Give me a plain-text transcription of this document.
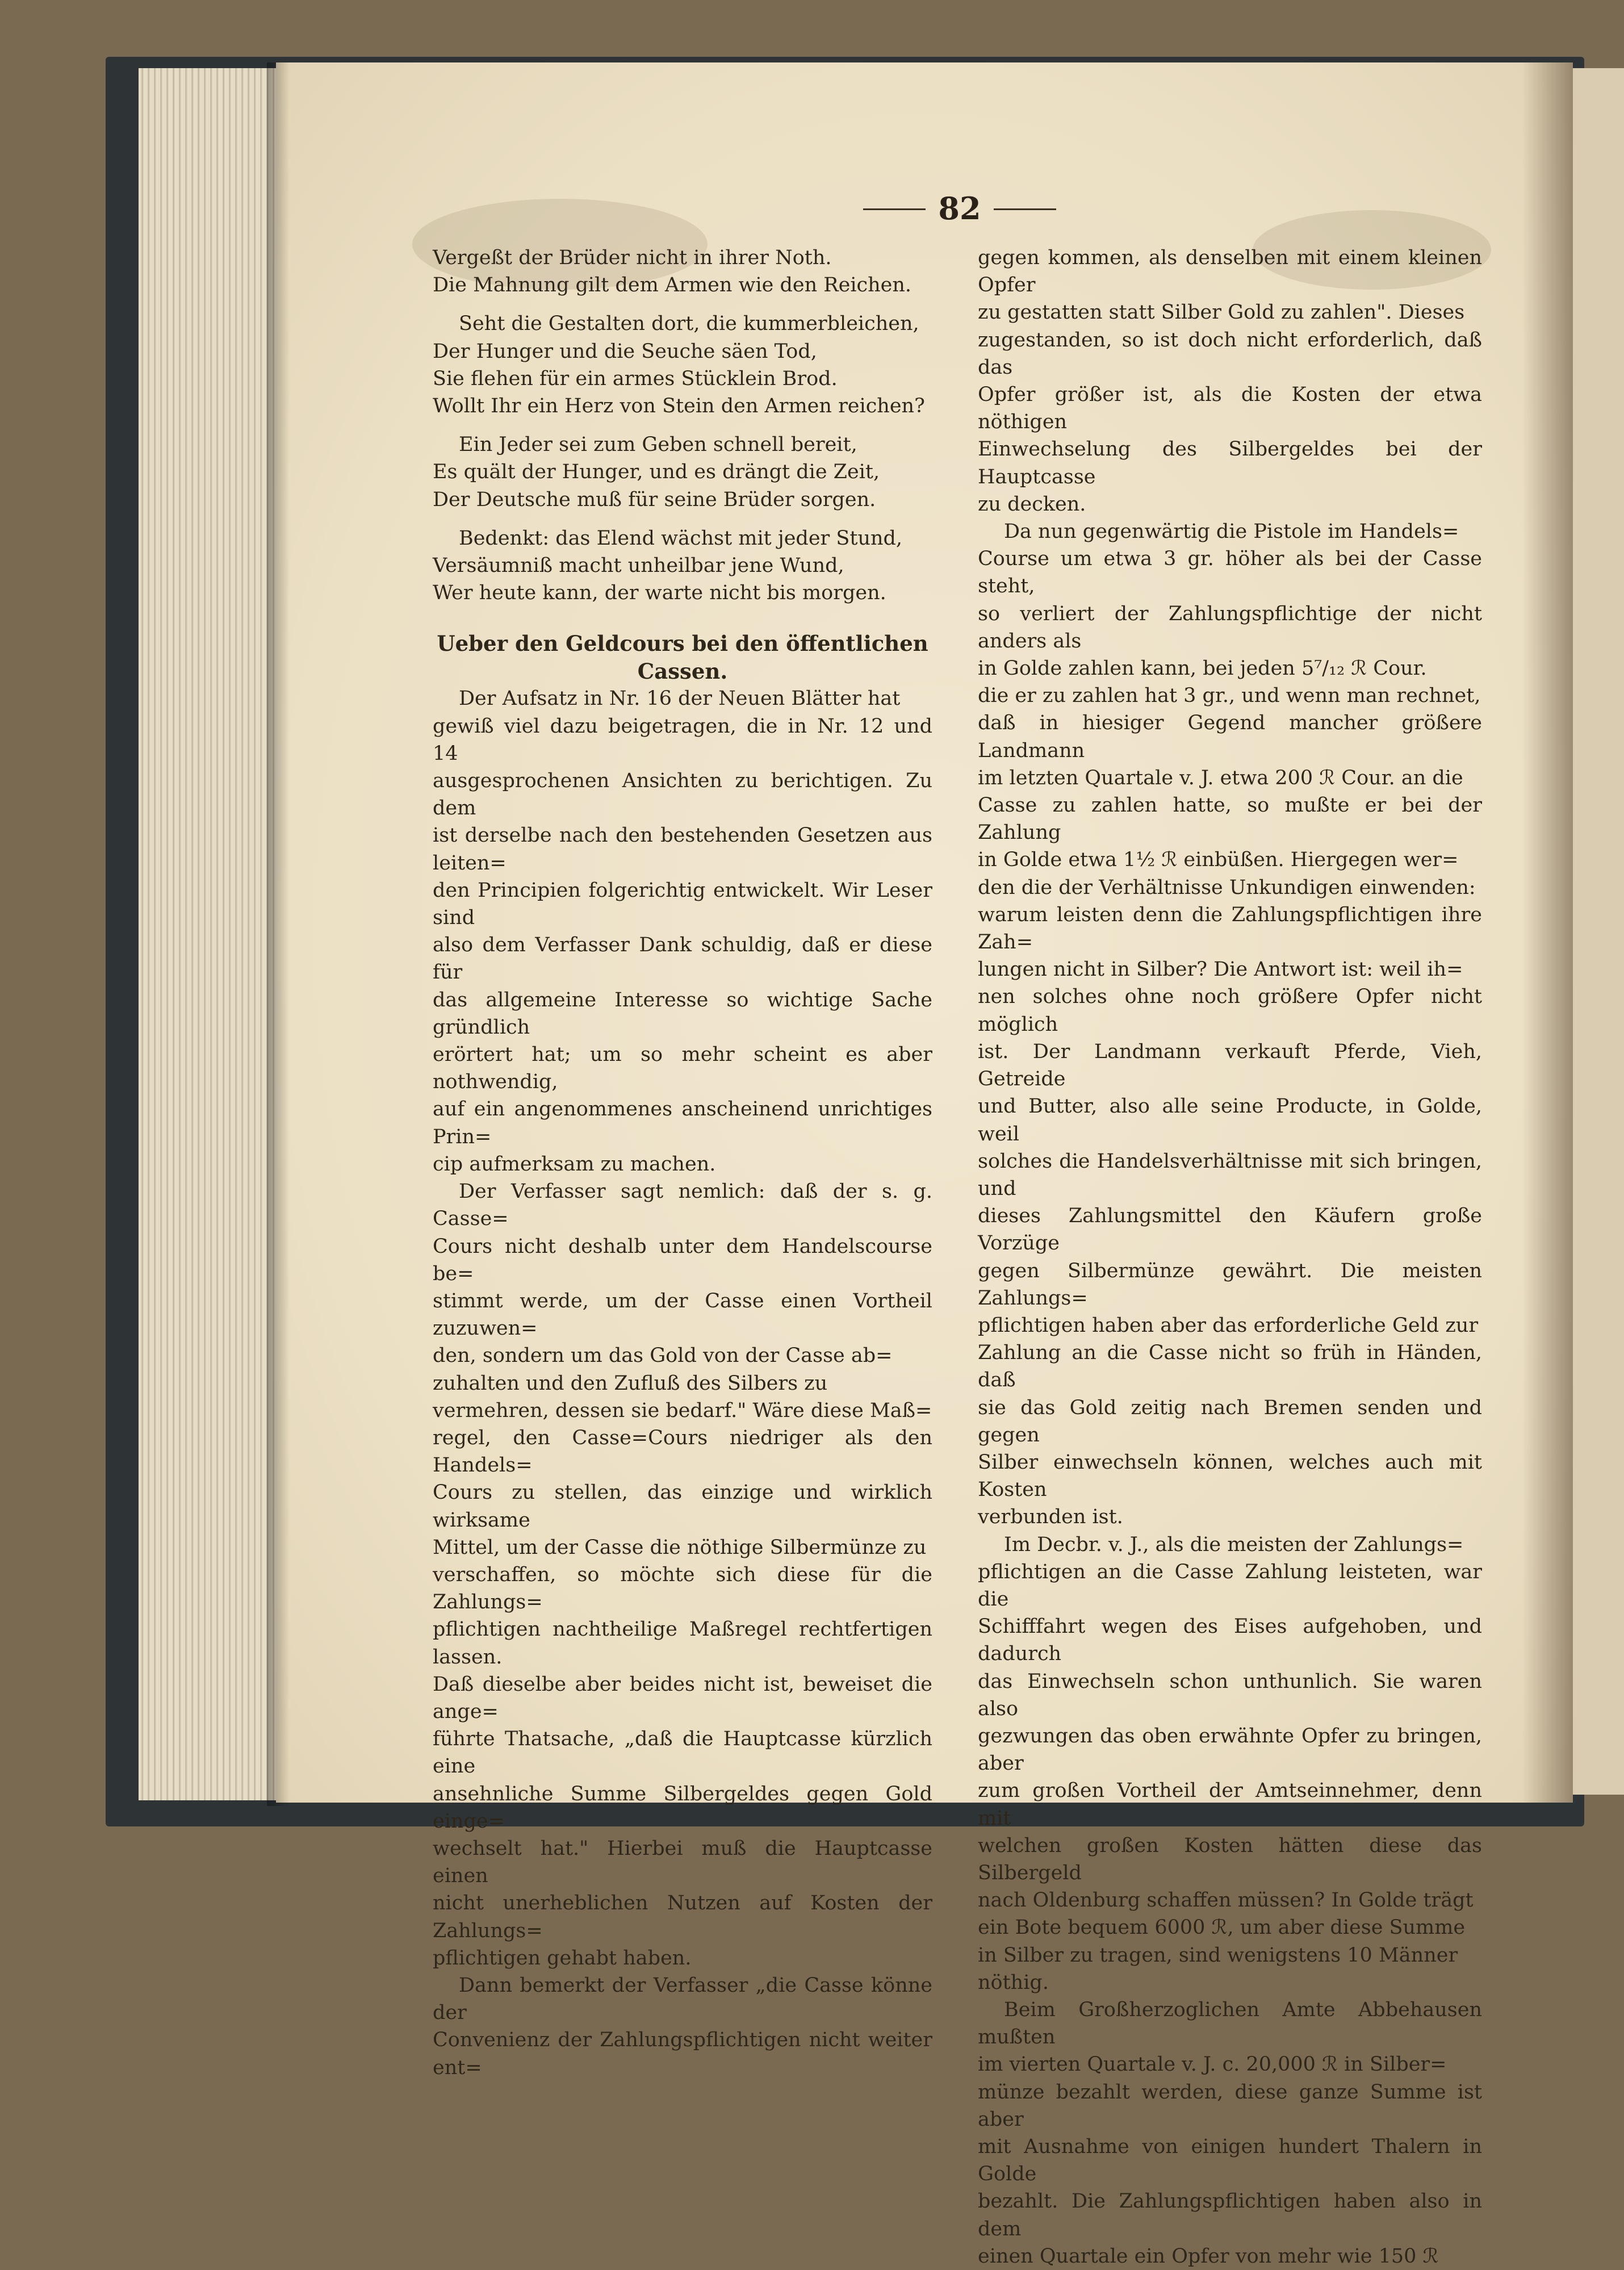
82

Vergeßt der Brüder nicht in ihrer Noth.

Die Mahnung gilt dem Armen wie den Reichen.

Seht die Gestalten dort, die kummerbleichen,

Der Hunger und die Seuche säen Tod,

Sie flehen für ein armes Stücklein Brod.

Wollt Ihr ein Herz von Stein den Armen reichen?

Ein Jeder sei zum Geben schnell bereit,

Es quält der Hunger, und es drängt die Zeit,

Der Deutsche muß für seine Brüder sorgen.

Bedenkt: das Elend wächst mit jeder Stund,

Versäumniß macht unheilbar jene Wund,

Wer heute kann, der warte nicht bis morgen.

Ueber den Geldcours bei den öffentlichen
Cassen.

Der Aufsatz in Nr. 16 der Neuen Blätter hat

gewiß viel dazu beigetragen, die in Nr. 12 und 14

ausgesprochenen Ansichten zu berichtigen. Zu dem

ist derselbe nach den bestehenden Gesetzen aus leiten=

den Principien folgerichtig entwickelt. Wir Leser sind

also dem Verfasser Dank schuldig, daß er diese für

das allgemeine Interesse so wichtige Sache gründlich

erörtert hat; um so mehr scheint es aber nothwendig,

auf ein angenommenes anscheinend unrichtiges Prin=

cip aufmerksam zu machen.

Der Verfasser sagt nemlich: daß der s. g. Casse=

Cours nicht deshalb unter dem Handelscourse be=

stimmt werde, um der Casse einen Vortheil zuzuwen=

den, sondern um das Gold von der Casse ab=

zuhalten und den Zufluß des Silbers zu

vermehren, dessen sie bedarf." Wäre diese Maß=

regel, den Casse=Cours niedriger als den Handels=

Cours zu stellen, das einzige und wirklich wirksame

Mittel, um der Casse die nöthige Silbermünze zu

verschaffen, so möchte sich diese für die Zahlungs=

pflichtigen nachtheilige Maßregel rechtfertigen lassen.

Daß dieselbe aber beides nicht ist, beweiset die ange=

führte Thatsache, „daß die Hauptcasse kürzlich eine

ansehnliche Summe Silbergeldes gegen Gold einge=

wechselt hat." Hierbei muß die Hauptcasse einen

nicht unerheblichen Nutzen auf Kosten der Zahlungs=

pflichtigen gehabt haben.

Dann bemerkt der Verfasser „die Casse könne der

Convenienz der Zahlungspflichtigen nicht weiter ent=

gegen kommen, als denselben mit einem kleinen Opfer

zu gestatten statt Silber Gold zu zahlen". Dieses

zugestanden, so ist doch nicht erforderlich, daß das

Opfer größer ist, als die Kosten der etwa nöthigen

Einwechselung des Silbergeldes bei der Hauptcasse

zu decken.

Da nun gegenwärtig die Pistole im Handels=

Course um etwa 3 gr. höher als bei der Casse steht,

so verliert der Zahlungspflichtige der nicht anders als

in Golde zahlen kann, bei jeden 5⁷/₁₂ ℛ Cour.

die er zu zahlen hat 3 gr., und wenn man rechnet,

daß in hiesiger Gegend mancher größere Landmann

im letzten Quartale v. J. etwa 200 ℛ Cour. an die

Casse zu zahlen hatte, so mußte er bei der Zahlung

in Golde etwa 1½ ℛ einbüßen. Hiergegen wer=

den die der Verhältnisse Unkundigen einwenden:

warum leisten denn die Zahlungspflichtigen ihre Zah=

lungen nicht in Silber? Die Antwort ist: weil ih=

nen solches ohne noch größere Opfer nicht möglich

ist. Der Landmann verkauft Pferde, Vieh, Getreide

und Butter, also alle seine Producte, in Golde, weil

solches die Handelsverhältnisse mit sich bringen, und

dieses Zahlungsmittel den Käufern große Vorzüge

gegen Silbermünze gewährt. Die meisten Zahlungs=

pflichtigen haben aber das erforderliche Geld zur

Zahlung an die Casse nicht so früh in Händen, daß

sie das Gold zeitig nach Bremen senden und gegen

Silber einwechseln können, welches auch mit Kosten

verbunden ist.

Im Decbr. v. J., als die meisten der Zahlungs=

pflichtigen an die Casse Zahlung leisteten, war die

Schifffahrt wegen des Eises aufgehoben, und dadurch

das Einwechseln schon unthunlich. Sie waren also

gezwungen das oben erwähnte Opfer zu bringen, aber

zum großen Vortheil der Amtseinnehmer, denn mit

welchen großen Kosten hätten diese das Silbergeld

nach Oldenburg schaffen müssen? In Golde trägt

ein Bote bequem 6000 ℛ, um aber diese Summe

in Silber zu tragen, sind wenigstens 10 Männer

nöthig.

Beim Großherzoglichen Amte Abbehausen mußten

im vierten Quartale v. J. c. 20,000 ℛ in Silber=

münze bezahlt werden, diese ganze Summe ist aber

mit Ausnahme von einigen hundert Thalern in Golde

bezahlt. Die Zahlungspflichtigen haben also in dem

einen Quartale ein Opfer von mehr wie 150 ℛ
